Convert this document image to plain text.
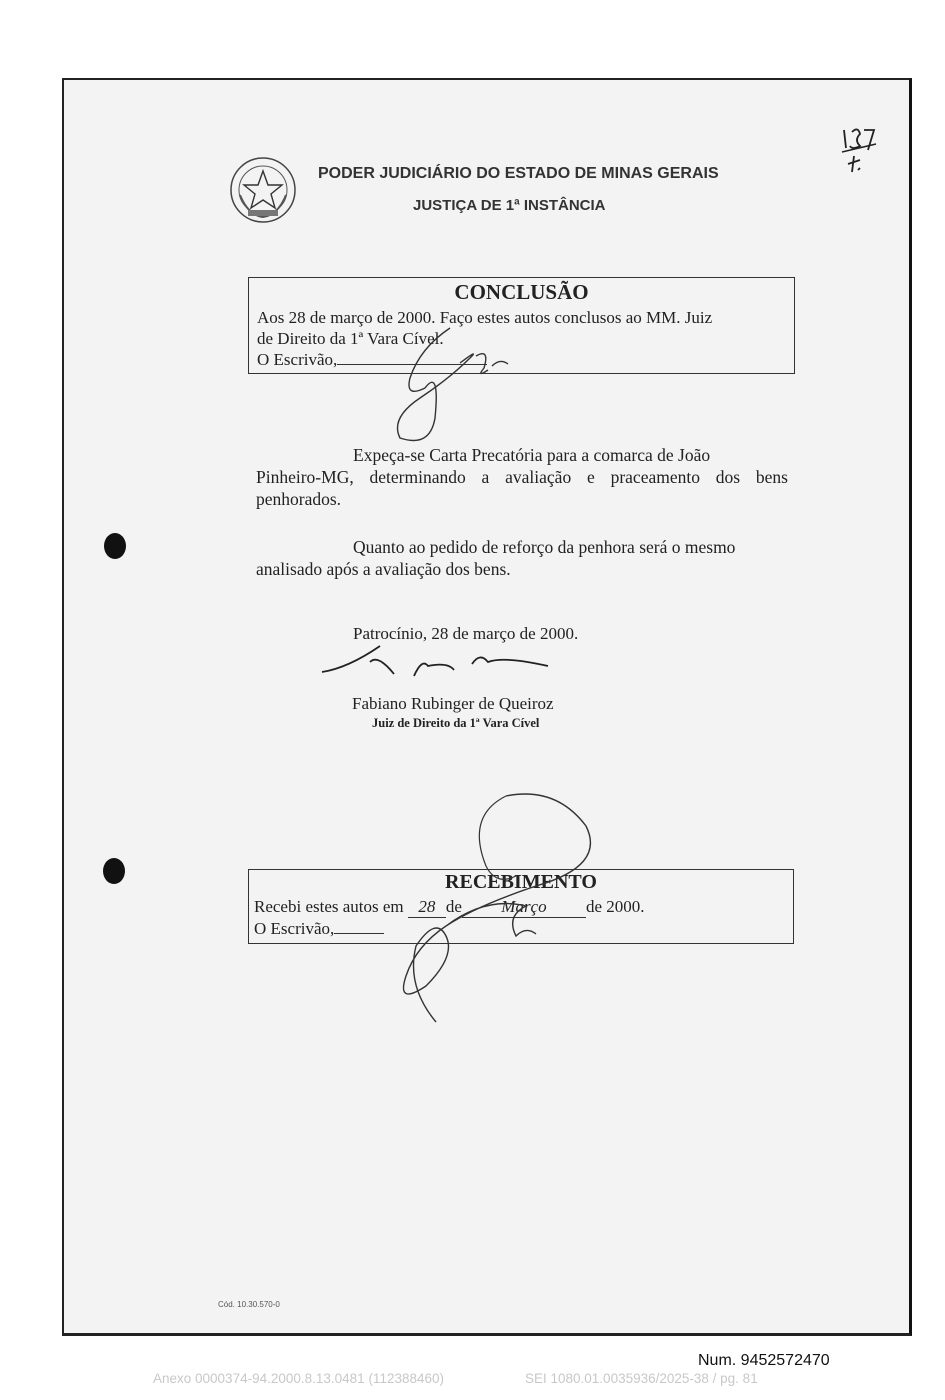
PODER JUDICIÁRIO DO ESTADO DE MINAS GERAIS
JUSTIÇA DE 1ª INSTÂNCIA
CONCLUSÃO
Aos 28 de março de 2000. Faço estes autos conclusos ao MM. Juiz
de Direito da 1ª Vara Cível.
O Escrivão,
Expeça-se Carta Precatória para a comarca de João
Pinheiro-MG, determinando a avaliação e praceamento dos bens
penhorados.
Quanto ao pedido de reforço da penhora será o mesmo
analisado após a avaliação dos bens.
Patrocínio, 28 de março de 2000.
Fabiano Rubinger de Queiroz
Juiz de Direito da 1ª Vara Cível
RECEBIMENTO
Recebi estes autos em 28 de Março de 2000.
O Escrivão,
Cód. 10.30.570-0
Num. 9452572470
Anexo 0000374-94.2000.8.13.0481 (112388460)	SEI 1080.01.0035936/2025-38 / pg. 81
